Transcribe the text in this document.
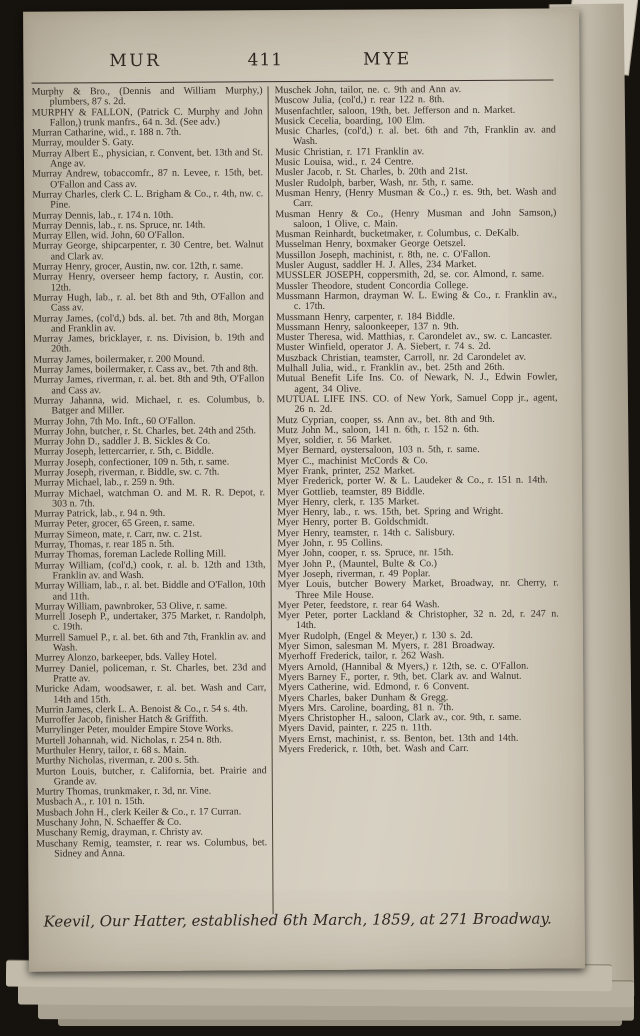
MUR	411	MYE

Murphy & Bro., (Dennis and William Murphy,) plumbers, 87 s. 2d.

MURPHY & FALLON, (Patrick C. Murphy and John Fallon,) trunk manfrs., 64 n. 3d. (See adv.)

Murran Catharine, wid., r. 188 n. 7th.

Murray, moulder S. Gaty.

Murray Albert E., physician, r. Convent, bet. 13th and St. Ange av.

Murray Andrew, tobaccomfr., 87 n. Levee, r. 15th, bet. O'Fallon and Cass av.

Murray Charles, clerk C. L. Brigham & Co., r. 4th, nw. c. Pine.

Murray Dennis, lab., r. 174 n. 10th.

Murray Dennis, lab., r. ns. Spruce, nr. 14th.

Murray Ellen, wid. John, 60 O'Fallon.

Murray George, shipcarpenter, r. 30 Centre, bet. Walnut and Clark av.

Murray Henry, grocer, Austin, nw. cor. 12th, r. same.

Murray Henry, overseer hemp factory, r. Austin, cor. 12th.

Murray Hugh, lab., r. al. bet 8th and 9th, O'Fallon and Cass av.

Murray James, (col'd,) bds. al. bet. 7th and 8th, Morgan and Franklin av.

Murray James, bricklayer, r. ns. Division, b. 19th and 20th.

Murray James, boilermaker, r. 200 Mound.

Murray James, boilermaker, r. Cass av., bet. 7th and 8th.

Murray James, riverman, r. al. bet. 8th and 9th, O'Fallon and Cass av.

Murray Jahanna, wid. Michael, r. es. Columbus, b. Batger and Miller.

Murray John, 7th Mo. Inft., 60 O'Fallon.

Murray John, butcher, r. St. Charles, bet. 24th and 25th.

Murray John D., saddler J. B. Sickles & Co.

Murray Joseph, lettercarrier, r. 5th, c. Biddle.

Murray Joseph, confectioner, 109 n. 5th, r. same.

Murray Joseph, riverman, r. Biddle, sw. c. 7th.

Murray Michael, lab., r. 259 n. 9th.

Murray Michael, watchman O. and M. R. R. Depot, r. 303 n. 7th.

Murray Patrick, lab., r. 94 n. 9th.

Murray Peter, grocer, 65 Green, r. same.

Murray Simeon, mate, r. Carr, nw. c. 21st.

Murray, Thomas, r. rear 185 n. 5th.

Murray Thomas, foreman Laclede Rolling Mill.

Murray William, (col'd,) cook, r. al. b. 12th and 13th, Franklin av. and Wash.

Murray William, lab., r. al. bet. Biddle and O'Fallon, 10th and 11th.

Murray William, pawnbroker, 53 Olive, r. same.

Murrell Joseph P., undertaker, 375 Market, r. Randolph, c. 19th.

Murrell Samuel P., r. al. bet. 6th and 7th, Franklin av. and Wash.

Murrey Alonzo, barkeeper, bds. Valley Hotel.

Murrey Daniel, policeman, r. St. Charles, bet. 23d and Pratte av.

Muricke Adam, woodsawer, r. al. bet. Wash and Carr, 14th and 15th.

Murrin James, clerk L. A. Benoist & Co., r. 54 s. 4th.

Murroffer Jacob, finisher Hatch & Griffith.

Murrylinger Peter, moulder Empire Stove Works.

Murtell Johannah, wid. Nicholas, r. 254 n. 8th.

Murthuler Henry, tailor, r. 68 s. Main.

Murthy Nicholas, riverman, r. 200 s. 5th.

Murton Louis, butcher, r. California, bet. Prairie and Grande av.

Murtry Thomas, trunkmaker, r. 3d, nr. Vine.

Musbach A., r. 101 n. 15th.

Musbach John H., clerk Keiler & Co., r. 17 Curran.

Muschany John, N. Schaeffer & Co.

Muschany Remig, drayman, r. Christy av.

Muschany Remig, teamster, r. rear ws. Columbus, bet. Sidney and Anna.

Muschek John, tailor, ne. c. 9th and Ann av.

Muscow Julia, (col'd,) r. rear 122 n. 8th.

Musenfachtler, saloon, 19th, bet. Jefferson and n. Market.

Musick Cecelia, boarding, 100 Elm.

Music Charles, (col'd,) r. al. bet. 6th and 7th, Franklin av. and Wash.

Music Christian, r. 171 Franklin av.

Music Louisa, wid., r. 24 Centre.

Musler Jacob, r. St. Charles, b. 20th and 21st.

Musler Rudolph, barber, Wash, nr. 5th, r. same.

Musman Henry, (Henry Musman & Co.,) r. es. 9th, bet. Wash and Carr.

Musman Henry & Co., (Henry Musman and John Samson,) saloon, 1 Olive, c. Main.

Musman Reinhardt, bucketmaker, r. Columbus, c. DeKalb.

Musselman Henry, boxmaker George Oetszel.

Mussillon Joseph, machinist, r. 8th, ne. c. O'Fallon.

Musler August, saddler H. J. Alles, 234 Market.

MUSSLER JOSEPH, coppersmith, 2d, se. cor. Almond, r. same.

Mussler Theodore, student Concordia College.

Mussmann Harmon, drayman W. L. Ewing & Co., r. Franklin av., c. 17th.

Mussmann Henry, carpenter, r. 184 Biddle.

Mussmann Henry, saloonkeeper, 137 n. 9th.

Muster Theresa, wid. Matthias, r. Carondelet av., sw. c. Lancaster.

Muster Winfield, operator J. A. Siebert, r. 74 s. 2d.

Muszback Christian, teamster, Carroll, nr. 2d Carondelet av.

Mulhall Julia, wid., r. Franklin av., bet. 25th and 26th.

Mutual Benefit Life Ins. Co. of Newark, N. J., Edwin Fowler, agent, 34 Olive.

MUTUAL LIFE INS. CO. of New York, Samuel Copp jr., agent, 26 n. 2d.

Mutz Cyprian, cooper, ss. Ann av., bet. 8th and 9th.

Mutz John M., saloon, 141 n. 6th, r. 152 n. 6th.

Myer, soldier, r. 56 Market.

Myer Bernard, oystersaloon, 103 n. 5th, r. same.

Myer C., machinist McCords & Co.

Myer Frank, printer, 252 Market.

Myer Frederick, porter W. & L. Laudeker & Co., r. 151 n. 14th.

Myer Gottlieb, teamster, 89 Biddle.

Myer Henry, clerk, r. 135 Market.

Myer Henry, lab., r. ws. 15th, bet. Spring and Wright.

Myer Henry, porter B. Goldschmidt.

Myer Henry, teamster, r. 14th c. Salisbury.

Myer John, r. 95 Collins.

Myer John, cooper, r. ss. Spruce, nr. 15th.

Myer John P., (Mauntel, Bulte & Co.)

Myer Joseph, riverman, r. 49 Poplar.

Myer Louis, butcher Bowery Market, Broadway, nr. Cherry, r. Three Mile House.

Myer Peter, feedstore, r. rear 64 Wash.

Myer Peter, porter Lackland & Christopher, 32 n. 2d, r. 247 n. 14th.

Myer Rudolph, (Engel & Meyer,) r. 130 s. 2d.

Myer Simon, salesman M. Myers, r. 281 Broadway.

Myerhoff Frederick, tailor, r. 262 Wash.

Myers Arnold, (Hannibal & Myers,) r. 12th, se. c. O'Fallon.

Myers Barney F., porter, r. 9th, bet. Clark av. and Walnut.

Myers Catherine, wid. Edmond, r. 6 Convent.

Myers Charles, baker Dunham & Gregg.

Myers Mrs. Caroline, boarding, 81 n. 7th.

Myers Christopher H., saloon, Clark av., cor. 9th, r. same.

Myers David, painter, r. 225 n. 11th.

Myers Ernst, machinist, r. ss. Benton, bet. 13th and 14th.

Myers Frederick, r. 10th, bet. Wash and Carr.

Keevil, Our Hatter, established 6th March, 1859, at 271 Broadway.
